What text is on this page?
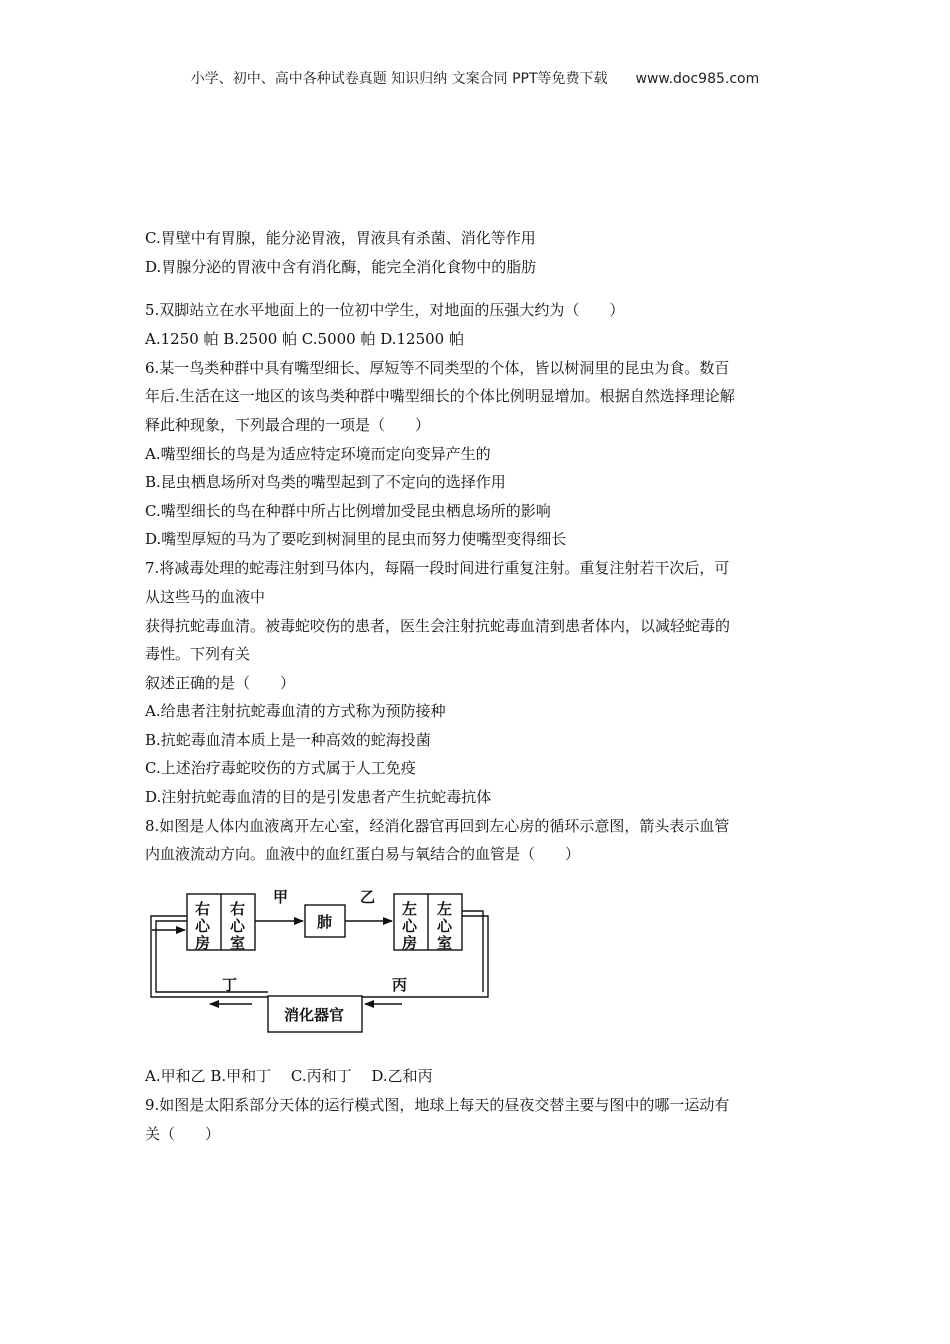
小学、初中、高中各种试卷真题 知识归纳 文案合同 PPT等免费下载 www.doc985.com
C.胃壁中有胃腺，能分泌胃液，胃液具有杀菌、消化等作用
D.胃腺分泌的胃液中含有消化酶，能完全消化食物中的脂肪
5.双脚站立在水平地面上的一位初中学生，对地面的压强大约为（　　）
A.1250 帕 B.2500 帕 C.5000 帕 D.12500 帕
6.某一鸟类种群中具有嘴型细长、厚短等不同类型的个体，皆以树洞里的昆虫为食。数百
年后.生活在这一地区的该鸟类种群中嘴型细长的个体比例明显增加。根据自然选择理论解
释此种现象，下列最合理的一项是（　　）
A.嘴型细长的鸟是为适应特定环境而定向变异产生的
B.昆虫栖息场所对鸟类的嘴型起到了不定向的选择作用
C.嘴型细长的鸟在种群中所占比例增加受昆虫栖息场所的影响
D.嘴型厚短的马为了要吃到树洞里的昆虫而努力使嘴型变得细长
7.将减毒处理的蛇毒注射到马体内，每隔一段时间进行重复注射。重复注射若干次后，可
从这些马的血液中
获得抗蛇毒血清。被毒蛇咬伤的患者，医生会注射抗蛇毒血清到患者体内，以减轻蛇毒的
毒性。下列有关
叙述正确的是（　　）
A.给患者注射抗蛇毒血清的方式称为预防接种
B.抗蛇毒血清本质上是一种高效的蛇海投菌
C.上述治疗毒蛇咬伤的方式属于人工免疫
D.注射抗蛇毒血清的目的是引发患者产生抗蛇毒抗体
8.如图是人体内血液离开左心室，经消化器官再回到左心房的循环示意图，箭头表示血管
内血液流动方向。血液中的血红蛋白易与氧结合的血管是（　　）
右
心
房
右
心
室
肺
左
心
房
左
心
室
消化器官
甲	乙
丙
丁
A.甲和乙 B.甲和丁　 C.丙和丁　 D.乙和丙
9.如图是太阳系部分天体的运行模式图，地球上每天的昼夜交替主要与图中的哪一运动有
关（　　）
